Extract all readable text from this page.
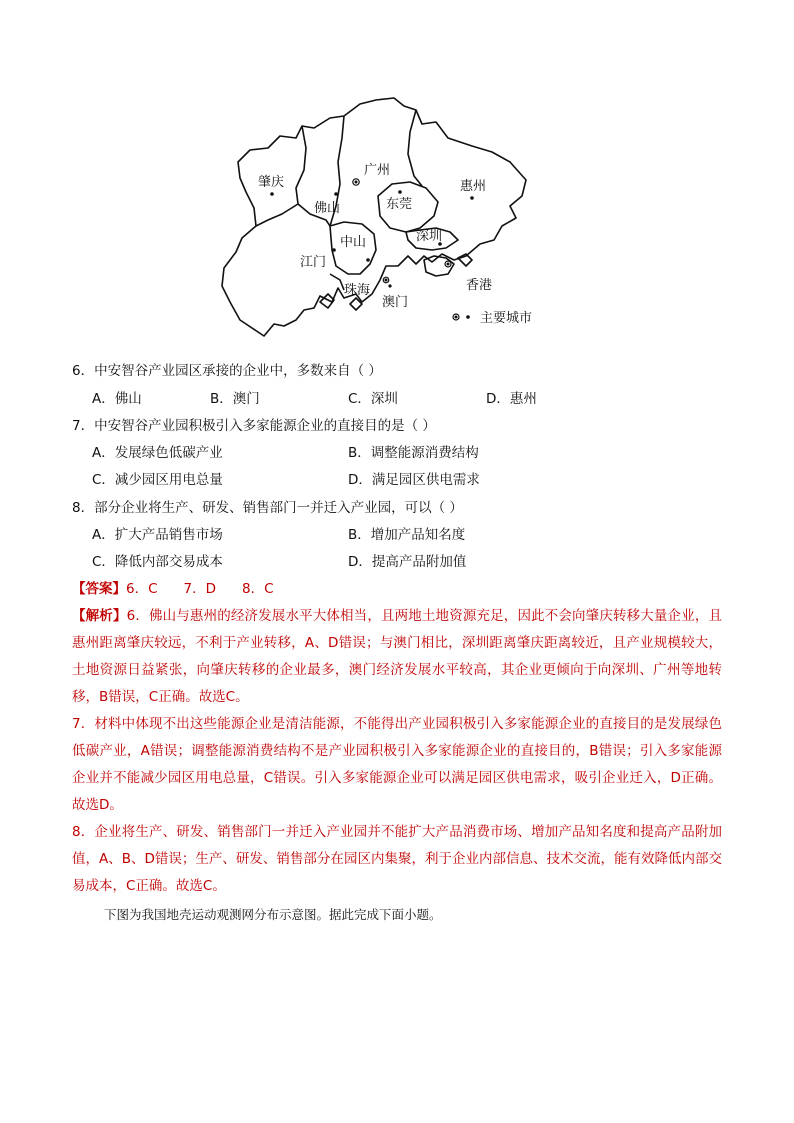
肇庆
广州
佛山	东莞
惠州
中山
江门
深圳
珠海
澳门
香港
主要城市
6．中安智谷产业园区承接的企业中，多数来自（ ）
A．佛山	B．澳门	C．深圳	D．惠州
7．中安智谷产业园积极引入多家能源企业的直接目的是（ ）
A．发展绿色低碳产业	B．调整能源消费结构
C．减少园区用电总量	D．满足园区供电需求
8．部分企业将生产、研发、销售部门一并迁入产业园，可以（ ）
A．扩大产品销售市场	B．增加产品知名度
C．降低内部交易成本	D．提高产品附加值
【答案】6．C 7．D 8．C

【解析】6．佛山与惠州的经济发展水平大体相当，且两地土地资源充足，因此不会向肇庆转移大量企业，且惠州距离肇庆较远，不利于产业转移，A、D错误；与澳门相比，深圳距离肇庆距离较近，且产业规模较大，土地资源日益紧张，向肇庆转移的企业最多，澳门经济发展水平较高，其企业更倾向于向深圳、广州等地转移，B错误，C正确。故选C。

7．材料中体现不出这些能源企业是清洁能源，不能得出产业园积极引入多家能源企业的直接目的是发展绿色低碳产业，A错误；调整能源消费结构不是产业园积极引入多家能源企业的直接目的，B错误；引入多家能源企业并不能减少园区用电总量，C错误。引入多家能源企业可以满足园区供电需求，吸引企业迁入，D正确。故选D。

8．企业将生产、研发、销售部门一并迁入产业园并不能扩大产品消费市场、增加产品知名度和提高产品附加值，A、B、D错误；生产、研发、销售部分在园区内集聚，利于企业内部信息、技术交流，能有效降低内部交易成本，C正确。故选C。

下图为我国地壳运动观测网分布示意图。据此完成下面小题。
